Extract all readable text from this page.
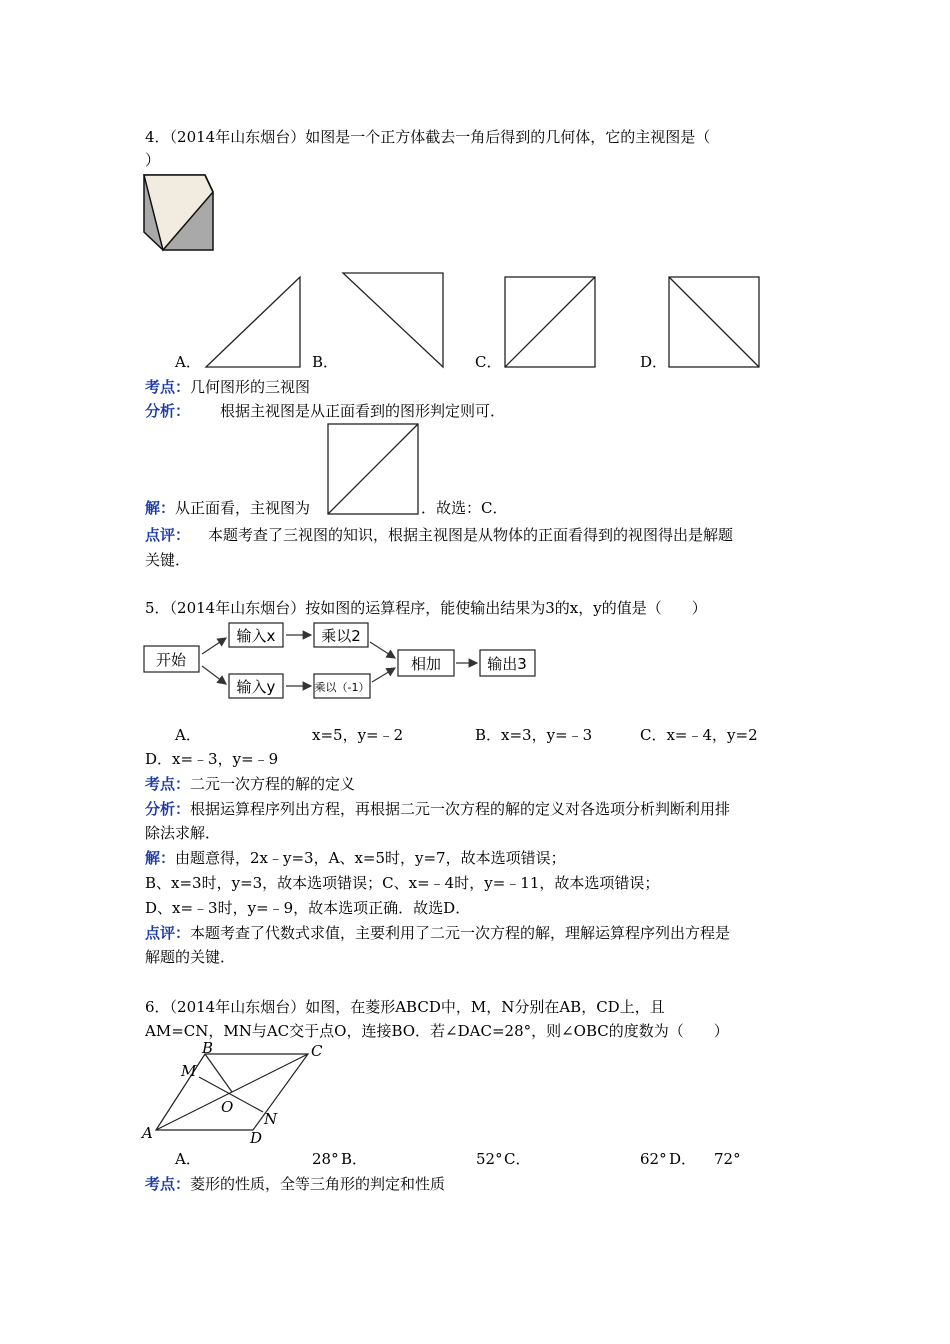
4．（2014年山东烟台）如图是一个正方体截去一角后得到的几何体，它的主视图是（
）
A．	B．	C．	D．
考点：几何图形的三视图
分析： 根据主视图是从正面看到的图形判定则可．
解：从正面看，主视图为	．故选：C．
点评： 本题考查了三视图的知识，根据主视图是从物体的正面看得到的视图得出是解题
关键．
5．（2014年山东烟台）按如图的运算程序，能使输出结果为3的x，y的值是（　　）
开始
输入x	乘以2
输入y	乘以（-1）
相加	输出3
A．	x=5，y=﹣2	B．x=3，y=﹣3	C．x=﹣4，y=2
D．x=﹣3，y=﹣9
考点：二元一次方程的解的定义
分析：根据运算程序列出方程，再根据二元一次方程的解的定义对各选项分析判断利用排
除法求解．
解：由题意得，2x﹣y=3，A、x=5时，y=7，故本选项错误；
B、x=3时，y=3，故本选项错误；C、x=﹣4时，y=﹣11，故本选项错误；
D、x=﹣3时，y=﹣9，故本选项正确．故选D．
点评：本题考查了代数式求值，主要利用了二元一次方程的解，理解运算程序列出方程是
解题的关键．
6．（2014年山东烟台）如图，在菱形ABCD中，M，N分别在AB，CD上，且
AM=CN，MN与AC交于点O，连接BO．若∠DAC=28°，则∠OBC的度数为（　　）
A
B	C
D
M
N
O
A．	28° B．	52° C．	62° D． 72°
考点：菱形的性质，全等三角形的判定和性质
